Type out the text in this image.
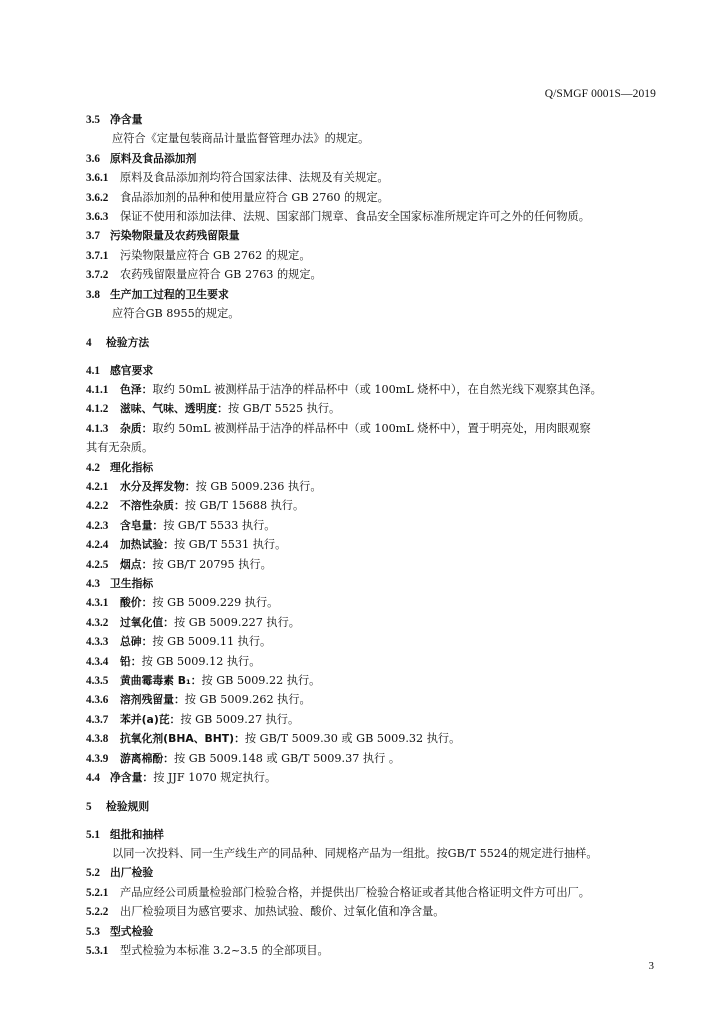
Q/SMGF 0001S—2019
3.5 净含量
应符合《定量包装商品计量监督管理办法》的规定。
3.6 原料及食品添加剂
3.6.1 原料及食品添加剂均符合国家法律、法规及有关规定。
3.6.2 食品添加剂的品种和使用量应符合 GB 2760 的规定。
3.6.3 保证不使用和添加法律、法规、国家部门规章、食品安全国家标准所规定许可之外的任何物质。
3.7 污染物限量及农药残留限量
3.7.1 污染物限量应符合 GB 2762 的规定。
3.7.2 农药残留限量应符合 GB 2763 的规定。
3.8 生产加工过程的卫生要求
应符合GB 8955的规定。
4 检验方法
4.1 感官要求
4.1.1 色泽：取约 50mL 被测样品于洁净的样品杯中（或 100mL 烧杯中），在自然光线下观察其色泽。
4.1.2 滋味、气味、透明度：按 GB/T 5525 执行。
4.1.3 杂质：取约 50mL 被测样品于洁净的样品杯中（或 100mL 烧杯中），置于明亮处，用肉眼观察
其有无杂质。
4.2 理化指标
4.2.1 水分及挥发物：按 GB 5009.236 执行。
4.2.2 不溶性杂质：按 GB/T 15688 执行。
4.2.3 含皂量：按 GB/T 5533 执行。
4.2.4 加热试验：按 GB/T 5531 执行。
4.2.5 烟点：按 GB/T 20795 执行。
4.3 卫生指标
4.3.1 酸价：按 GB 5009.229 执行。
4.3.2 过氧化值：按 GB 5009.227 执行。
4.3.3 总砷：按 GB 5009.11 执行。
4.3.4 铅：按 GB 5009.12 执行。
4.3.5 黄曲霉毒素 B₁：按 GB 5009.22 执行。
4.3.6 溶剂残留量：按 GB 5009.262 执行。
4.3.7 苯并(a)芘：按 GB 5009.27 执行。
4.3.8 抗氧化剂(BHA、BHT)：按 GB/T 5009.30 或 GB 5009.32 执行。
4.3.9 游离棉酚：按 GB 5009.148 或 GB/T 5009.37 执行 。
4.4 净含量：按 JJF 1070 规定执行。
5 检验规则
5.1 组批和抽样
以同一次投料、同一生产线生产的同品种、同规格产品为一组批。按GB/T 5524的规定进行抽样。
5.2 出厂检验
5.2.1 产品应经公司质量检验部门检验合格，并提供出厂检验合格证或者其他合格证明文件方可出厂。
5.2.2 出厂检验项目为感官要求、加热试验、酸价、过氧化值和净含量。
5.3 型式检验
5.3.1 型式检验为本标准 3.2~3.5 的全部项目。
3
